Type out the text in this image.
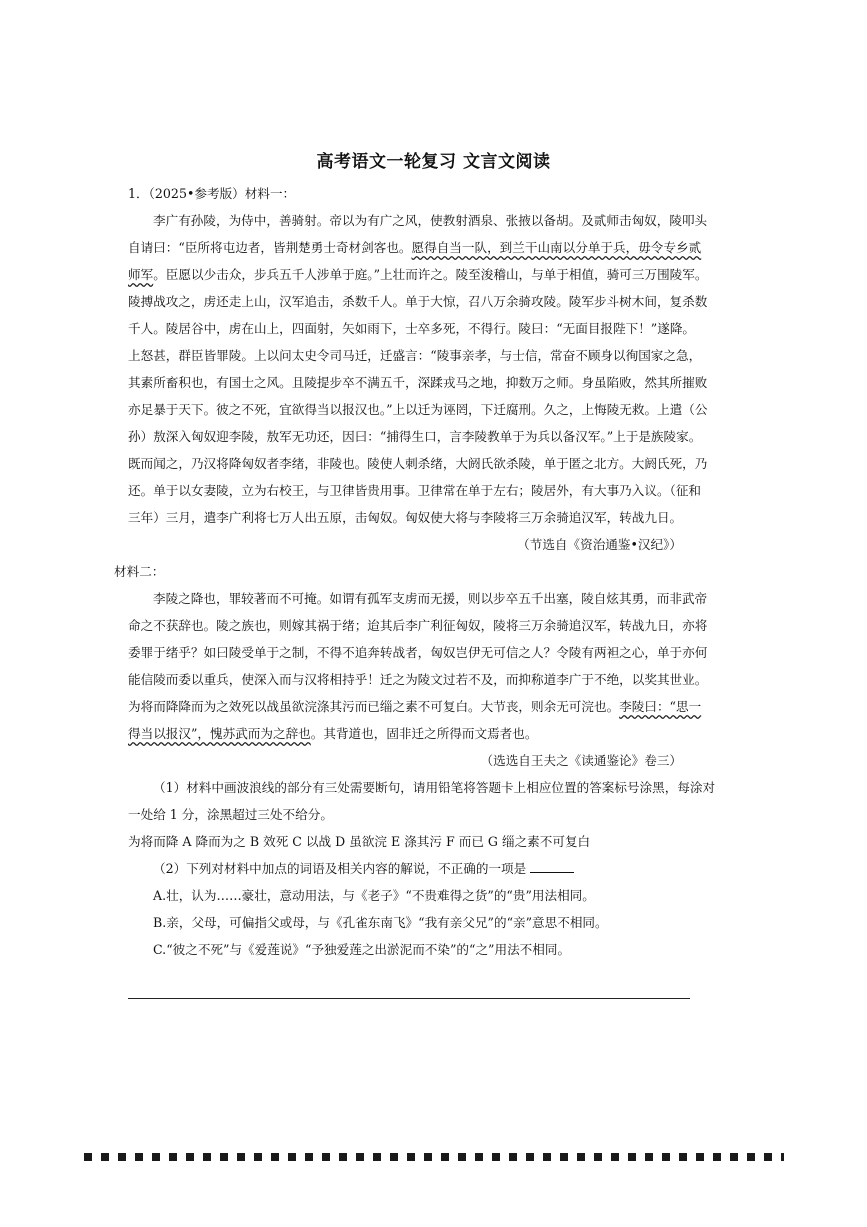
高考语文一轮复习 文言文阅读
1．（2025•参考版）材料一：
李广有孙陵，为侍中，善骑射。帝以为有广之风，使教射酒泉、张掖以备胡。及贰师击匈奴，陵叩头
自请曰：“臣所将屯边者，皆荆楚勇士奇材剑客也。愿得自当一队，到兰干山南以分单于兵，毋令专乡贰
师军。臣愿以少击众，步兵五千人涉单于庭。”上壮而许之。陵至浚稽山，与单于相值，骑可三万围陵军。
陵搏战攻之，虏还走上山，汉军追击，杀数千人。单于大惊，召八万余骑攻陵。陵军步斗树木间，复杀数
千人。陵居谷中，虏在山上，四面射，矢如雨下，士卒多死，不得行。陵曰：“无面目报陛下！”遂降。
上怒甚，群臣皆罪陵。上以问太史令司马迁，迁盛言：“陵事亲孝，与士信，常奋不顾身以徇国家之急，
其素所畜积也，有国士之风。且陵提步卒不满五千，深蹂戎马之地，抑数万之师。身虽陷败，然其所摧败
亦足暴于天下。彼之不死，宜欲得当以报汉也。”上以迁为诬罔，下迁腐刑。久之，上悔陵无救。上遣（公
孙）敖深入匈奴迎李陵，敖军无功还，因曰：“捕得生口，言李陵教单于为兵以备汉军。”上于是族陵家。
既而闻之，乃汉将降匈奴者李绪，非陵也。陵使人刺杀绪，大阏氏欲杀陵，单于匿之北方。大阏氏死，乃
还。单于以女妻陵，立为右校王，与卫律皆贵用事。卫律常在单于左右；陵居外，有大事乃入议。（征和
三年）三月，遣李广利将七万人出五原，击匈奴。匈奴使大将与李陵将三万余骑追汉军，转战九日。
（节选自《资治通鉴•汉纪》）
材料二：
李陵之降也，罪较著而不可掩。如谓有孤军支虏而无援，则以步卒五千出塞，陵自炫其勇，而非武帝
命之不获辞也。陵之族也，则嫁其祸于绪；迨其后李广利征匈奴，陵将三万余骑追汉军，转战九日，亦将
委罪于绪乎？如曰陵受单于之制，不得不追奔转战者，匈奴岂伊无可信之人？令陵有两袒之心，单于亦何
能信陵而委以重兵，使深入而与汉将相持乎！迁之为陵文过若不及，而抑称道李广于不绝，以奖其世业。
为将而降降而为之效死以战虽欲浣涤其污而已缁之素不可复白。大节丧，则余无可浣也。李陵曰：“思一
得当以报汉”，愧苏武而为之辞也。其背道也，固非迁之所得而文焉者也。
（选选自王夫之《读通鉴论》卷三）
（1）材料中画波浪线的部分有三处需要断句，请用铅笔将答题卡上相应位置的答案标号涂黑，每涂对
一处给 1 分，涂黑超过三处不给分。
为将而降 A 降而为之 B 效死 C 以战 D 虽欲浣 E 涤其污 F 而已 G 缁之素不可复白
（2）下列对材料中加点的词语及相关内容的解说，不正确的一项是
A.壮，认为……豪壮，意动用法，与《老子》“不贵难得之货”的“贵”用法相同。
B.亲，父母，可偏指父或母，与《孔雀东南飞》“我有亲父兄”的“亲”意思不相同。
C.“彼之不死”与《爱莲说》“予独爱莲之出淤泥而不染”的“之”用法不相同。
